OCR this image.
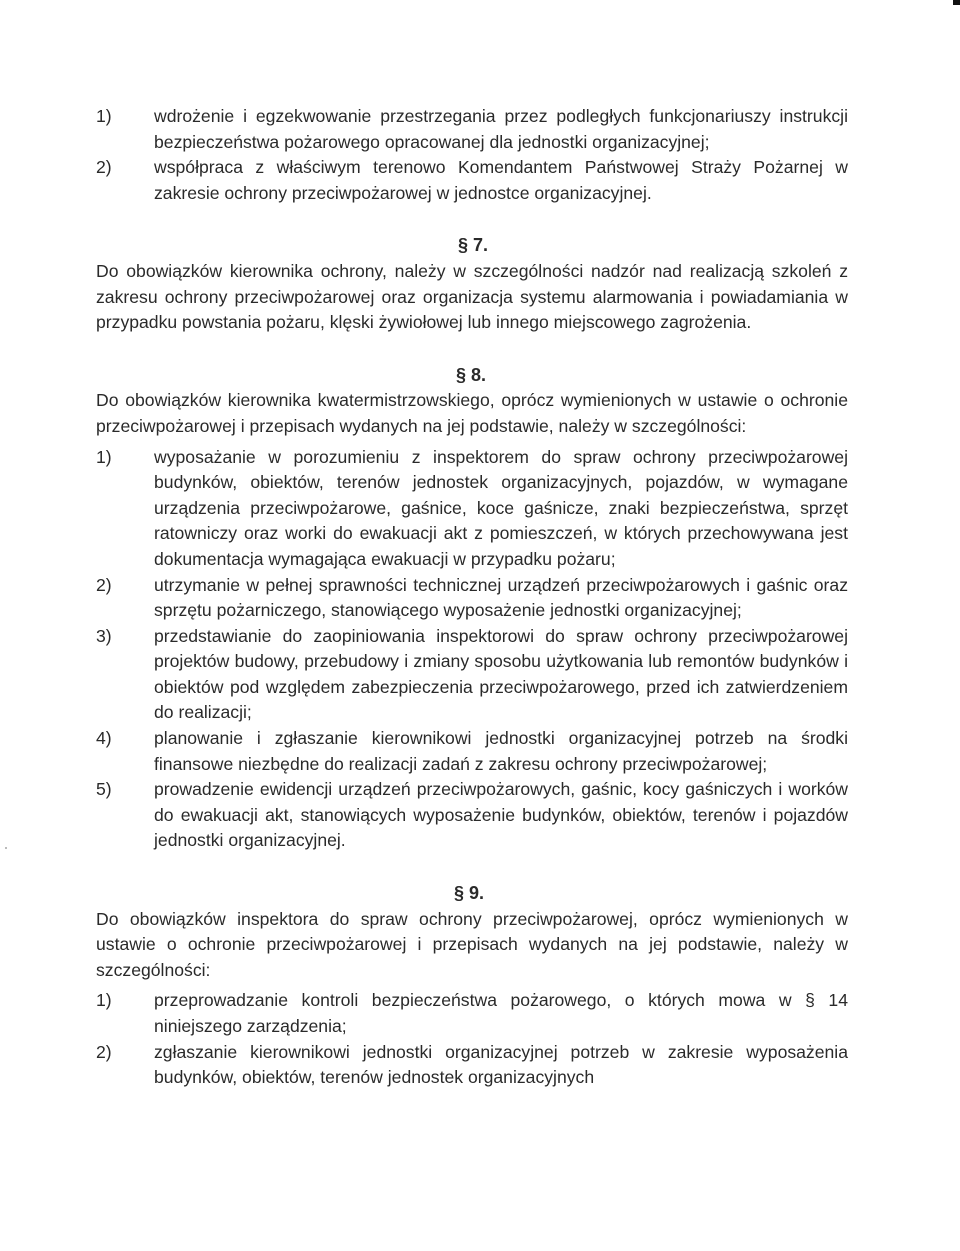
1) wdrożenie i egzekwowanie przestrzegania przez podległych funkcjonariuszy instrukcji bezpieczeństwa pożarowego opracowanej dla jednostki organizacyjnej;
2) współpraca z właściwym terenowo Komendantem Państwowej Straży Pożarnej w zakresie ochrony przeciwpożarowej w jednostce organizacyjnej.
§ 7.

Do obowiązków kierownika ochrony, należy w szczególności nadzór nad realizacją szkoleń z zakresu ochrony przeciwpożarowej oraz organizacja systemu alarmowania i powiadamiania w przypadku powstania pożaru, klęski żywiołowej lub innego miejscowego zagrożenia.

§ 8.

Do obowiązków kierownika kwatermistrzowskiego, oprócz wymienionych w ustawie o ochronie przeciwpożarowej i przepisach wydanych na jej podstawie, należy w szczególności:

1) wyposażanie w porozumieniu z inspektorem do spraw ochrony przeciwpożarowej budynków, obiektów, terenów jednostek organizacyjnych, pojazdów, w wymagane urządzenia przeciwpożarowe, gaśnice, koce gaśnicze, znaki bezpieczeństwa, sprzęt ratowniczy oraz worki do ewakuacji akt z pomieszczeń, w których przechowywana jest dokumentacja wymagająca ewakuacji w przypadku pożaru;
2) utrzymanie w pełnej sprawności technicznej urządzeń przeciwpożarowych i gaśnic oraz sprzętu pożarniczego, stanowiącego wyposażenie jednostki organizacyjnej;
3) przedstawianie do zaopiniowania inspektorowi do spraw ochrony przeciwpożarowej projektów budowy, przebudowy i zmiany sposobu użytkowania lub remontów budynków i obiektów pod względem zabezpieczenia przeciwpożarowego, przed ich zatwierdzeniem do realizacji;
4) planowanie i zgłaszanie kierownikowi jednostki organizacyjnej potrzeb na środki finansowe niezbędne do realizacji zadań z zakresu ochrony przeciwpożarowej;
5) prowadzenie ewidencji urządzeń przeciwpożarowych, gaśnic, kocy gaśniczych i worków do ewakuacji akt, stanowiących wyposażenie budynków, obiektów, terenów i pojazdów jednostki organizacyjnej.
§ 9.

Do obowiązków inspektora do spraw ochrony przeciwpożarowej, oprócz wymienionych w ustawie o ochronie przeciwpożarowej i przepisach wydanych na jej podstawie, należy w szczególności:

1) przeprowadzanie kontroli bezpieczeństwa pożarowego, o których mowa w § 14 niniejszego zarządzenia;
2) zgłaszanie kierownikowi jednostki organizacyjnej potrzeb w zakresie wyposażenia budynków, obiektów, terenów jednostek organizacyjnych
